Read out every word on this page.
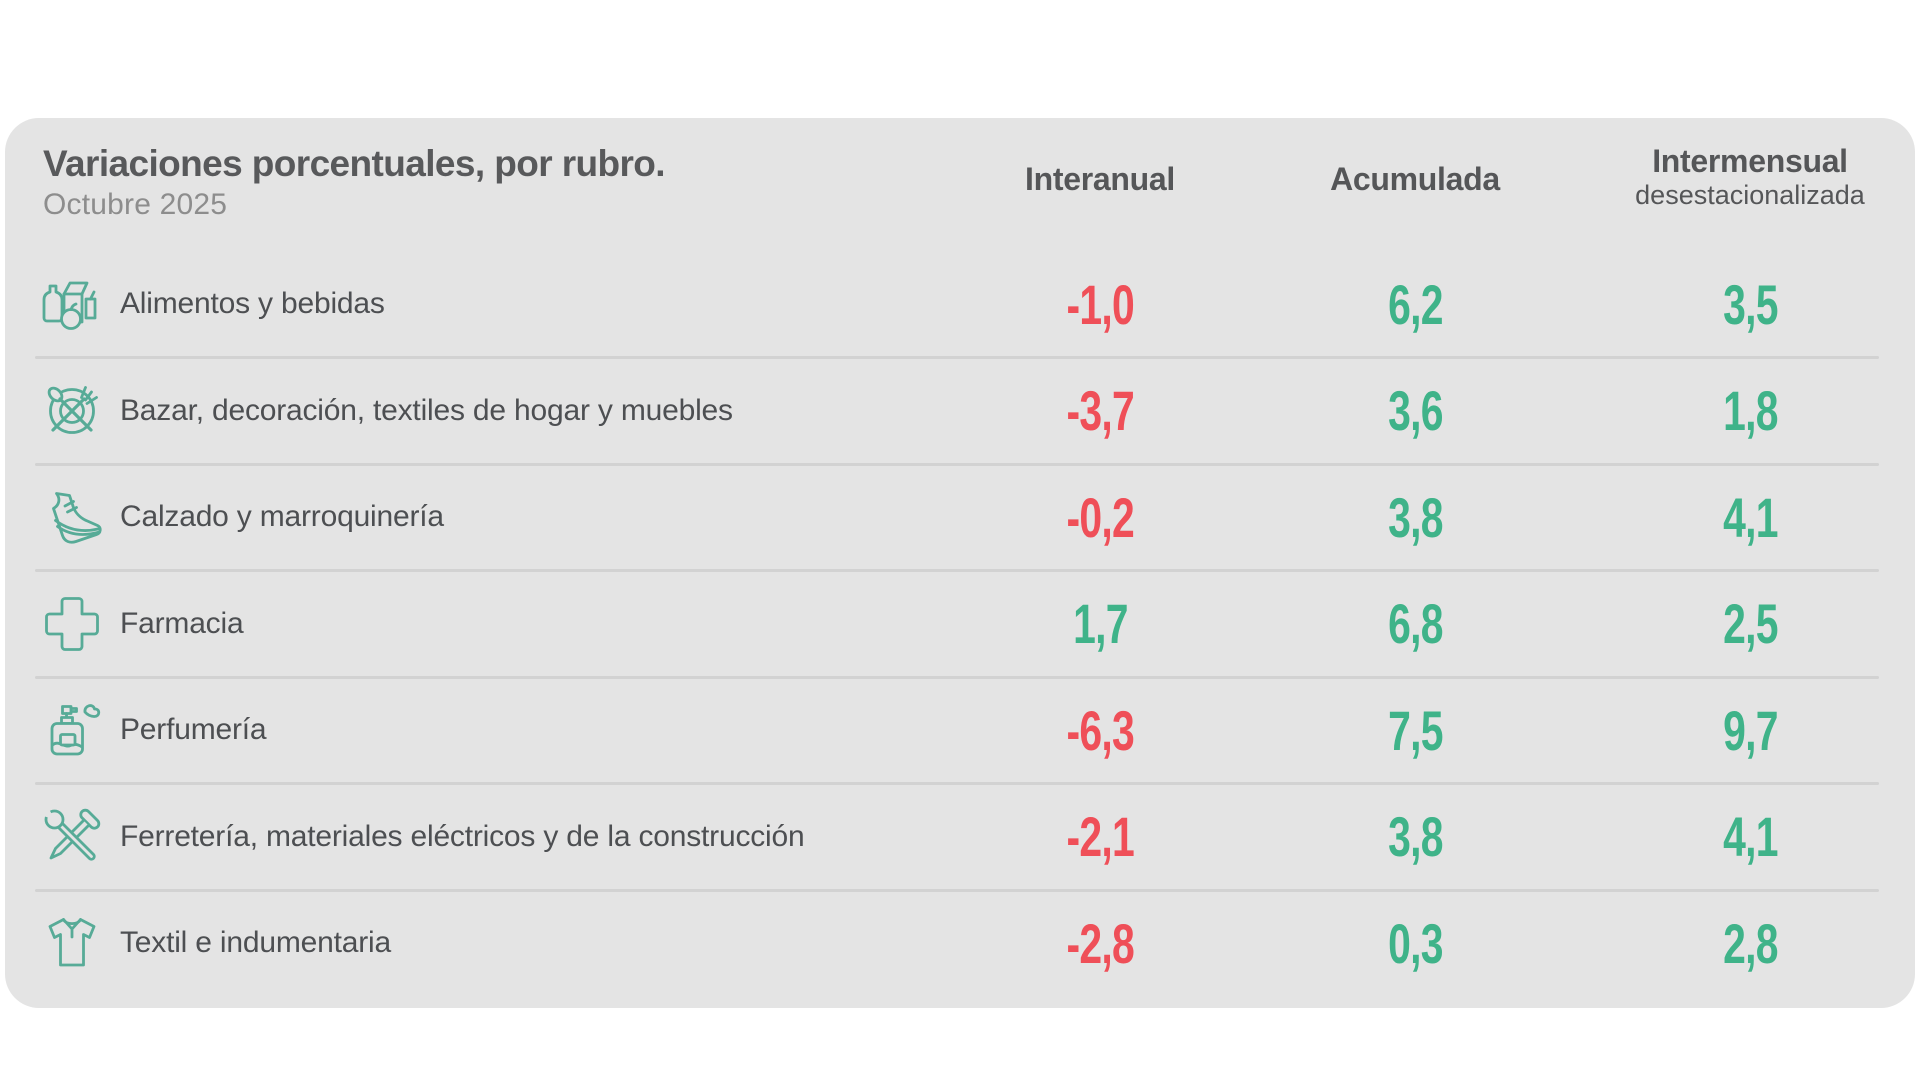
Variaciones porcentuales, por rubro.
Octubre 2025
Interanual	Acumulada	Intermensual
desestacionalizada
Alimentos y bebidas	-1,0	6,2	3,5
Bazar, decoración, textiles de hogar y muebles	-3,7	3,6	1,8
Calzado y marroquinería	-0,2	3,8	4,1
Farmacia	1,7	6,8	2,5
Perfumería	-6,3	7,5	9,7
Ferretería, materiales eléctricos y de la construcción	-2,1	3,8	4,1
Textil e indumentaria	-2,8	0,3	2,8
